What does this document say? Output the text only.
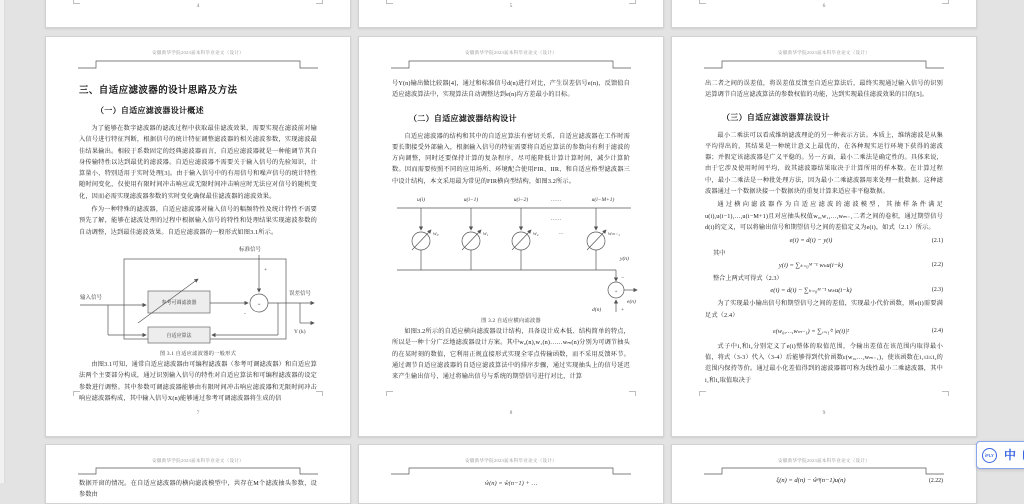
4	5	6
安徽新华学院2023届本科毕业论文（设计）
三、自适应滤波器的设计思路及方法
（一）自适应滤波器设计概述

为了能够在数字滤波器的滤波过程中获取最佳滤波效果，需要实现在滤波前对输入信号进行特征判断，根据信号的统计特征调整滤波器的相关滤波参数，实现滤波最佳结果输出。相较于系数固定的经典滤波器而言，自适应滤波器就是一种能调节其自身传输特性以达到最优的滤波器。自适应滤波器不需要关于输入信号的先验知识，计算量小，特别适用于实时处理[3]。由于输入信号中的有用信号和噪声信号的统计特性随时间变化，仅使用有限时间冲击响应或无限时间冲击响应时无法应对信号的随机变化，因而必需实现滤波器参数的实时变化确保最佳滤波器的滤波效果。

作为一种特殊的滤波器，自适应滤波器对输入信号的幅频特性及统计特性不需要预先了解，能够在滤波处理的过程中根据输入信号的特性和处理结果实现滤波参数的自动调整，达到最佳滤波效果。自适应滤波器的一般形式如图3.1所示。

输入信号
参考可调滤波器	+
-
标准信号
+
误差信号
Y (k)
自适应算法
图 3.1 自适应滤波器的一般形式

由图3.1可知，通常自适应滤波器由可编程滤波器（参考可调滤波器）和自适应算法两个主要部分构成，通过识别输入信号的特性对自适应算法和可编程滤波器的设定参数进行调整。其中参数可调滤波器能够由有限时间冲击响应滤波器和无限时间冲击响应滤波器构成，其中输入信号X(n)能够通过参考可调滤波器将生成的信

7
安徽新华学院2023届本科毕业论文（设计）

号Y(n)输出做比较器[4]，通过和标准信号d(n)进行对比，产生误差信号e(n)，反馈值自适应滤波算法中，实现算法自动调整达到e(n)均方差最小的目标。

（二）自适应滤波器结构设计

自适应滤波器的结构和其中的自适应算法有密切关系，自适应滤波器在工作时需要长期接受外部输入，根据输入信号的特征需要将自适应算法的参数向有利于滤波的方向调整，同时还要保持计算的复杂程序，尽可能降低计算计算时间，减少计算阶数。因而需要按照不同的应用场所、环境配合使用FIR、IIR、和自适应格型滤波器三中设计结构，本文采用最为常见的FIR横向型结构，如图3.2所示。

u(i)	u(i−1)	u(i−2)	……	u(i−M+1)
……
…
w₀	w₁	w₂	wₘ₋₁
y(n)
−
+
e(n)
d(n)	+
图 3.2 自适应横向滤波器

如图3.2所示的自适应横向滤波器设计结构，具备设计成本低、结构简单的特点，所以是一种十分广泛地滤波器设计方案。其中w₀(n),w₁(n)……wₘ(n)分别为可调节抽头的在某时刻的数值，它利用正规直接形式实现全零点传输函数，而不采用反馈环节。通过调节自适应滤波器的自适应滤波算法中的排序步骤，通过实现抽头上的信号延迟来产生输出信号，通过将输出信号与系统的期望信号进行对比，计算

8
安徽新华学院2023届本科毕业论文（设计）

出二者之间的误差值，将误差值反馈至自适应算法后，最终实现通过输入信号的识别运算调节自适应滤波算法的参数权值的功能，达到实现最佳滤波效果的目的[5]。

（三）自适应滤波器算法设计

最小二乘法可以看成维纳滤波理论的另一种表示方法。本质上，维纳滤波是从集平均得出的，其结果是一种统计意义上最优的，在各种现实运行环境下获得的滤波器；并假定该滤波器是广义平稳的。另一方面，最小二乘法是确定性的。具体来说，由于它涉及使用时间平均，故其滤波器结果取决于计算所用的样本数。在计算过程中，最小二乘法是一种批处理方法，因为最小二乘滤波器用来处理一批数据。这种滤波器通过一个数据块接一个数据块的重复计算来适应非平稳数据。

通过横向滤波器作为自适应滤波的滤波模型，其抽样条件满足u(i),u(i−1),…,u(i−M+1)且对应抽头权值w₀,w₁,…,wₘ₋₁二者之间的卷积，通过期望信号d(i)的定义，可以将输出信号和期望信号之间的差值定义为e(i)，如式（2.1）所示。

e(i) = d(i) − y(i)	(2.1)
其中
y(i) = ∑ₖ₌₀ᴹ⁻¹ wₖu(i−k)	(2.2)
整合上两式可得式（2.3）
e(i) = d(i) − ∑ₖ₌₀ᴹ⁻¹ wₖu(i−k)	(2.3)

为了实现最小输出信号和期望信号之间的差值，实现最小代价函数，则e(i)需要满足式（2.4）

ε(w₀,…,wₘ₋₁) = ∑ᵢ₌ᵢ₁ⁱ² |e(i)|²	(2.4)

式子中i₁和i₂分别定义了e(i)整体的取值范围，令输出差值在该范围内取得最小值，将式（3-3）代入（3-4）后能够得到代价函数ε(w₀,…,wₘ₋₁)，使该函数在i₁≤i≤i₂的范围内保持等价。通过最小化差值得到的滤波器都可称为线性最小二乘滤波器，其中i₁和i₂取值取决于

9
安徽新华学院2023届本科毕业论文（设计）

数据开窗的情况。在自适应滤波器的横向滤波模型中，共存在M个滤波抽头参数，设参数由

安徽新华学院2023届本科毕业论文（设计）
ŵ(n) = ŵ(n−1) + …
安徽新华学院2023届本科毕业论文（设计）
ξ(n) = d(n) − ŵᴴ(n−1)u(n)	(2.22)
iFLY 中
